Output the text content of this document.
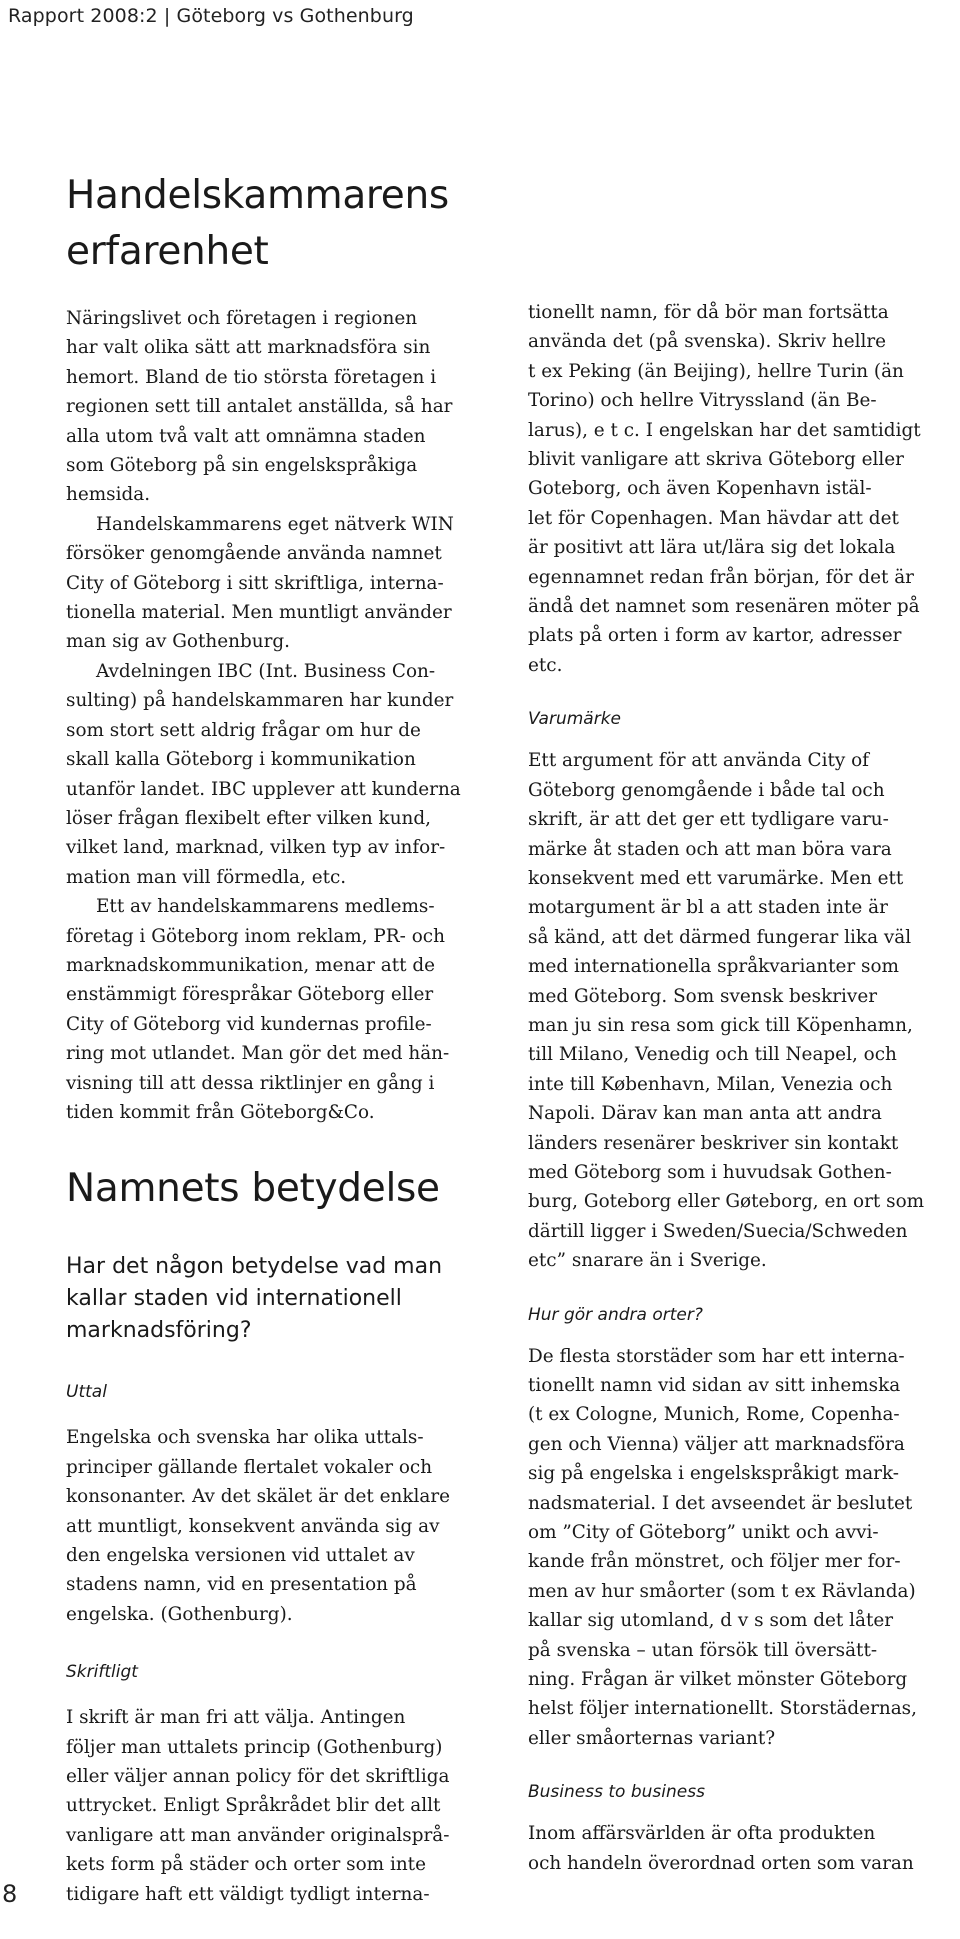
Rapport 2008:2 | Göteborg vs Gothenburg
Handelskammarens erfarenhet

Näringslivet och företagen i regionen
har valt olika sätt att marknadsföra sin
hemort. Bland de tio största företagen i
regionen sett till antalet anställda, så har
alla utom två valt att omnämna staden
som Göteborg på sin engelskspråkiga
hemsida.

Handelskammarens eget nätverk WIN
försöker genomgående använda namnet
City of Göteborg i sitt skriftliga, interna-
tionella material. Men muntligt använder
man sig av Gothenburg.

Avdelningen IBC (Int. Business Con-
sulting) på handelskammaren har kunder
som stort sett aldrig frågar om hur de
skall kalla Göteborg i kommunikation
utanför landet. IBC upplever att kunderna
löser frågan flexibelt efter vilken kund,
vilket land, marknad, vilken typ av infor-
mation man vill förmedla, etc.

Ett av handelskammarens medlems-
företag i Göteborg inom reklam, PR- och
marknadskommunikation, menar att de
enstämmigt förespråkar Göteborg eller
City of Göteborg vid kundernas profile-
ring mot utlandet. Man gör det med hän-
visning till att dessa riktlinjer en gång i
tiden kommit från Göteborg&Co.

Namnets betydelse
Har det någon betydelse vad man kallar staden vid internationell marknadsföring?
Uttal

Engelska och svenska har olika uttals-
principer gällande flertalet vokaler och
konsonanter. Av det skälet är det enklare
att muntligt, konsekvent använda sig av
den engelska versionen vid uttalet av
stadens namn, vid en presentation på
engelska. (Gothenburg).

Skriftligt

I skrift är man fri att välja. Antingen
följer man uttalets princip (Gothenburg)
eller väljer annan policy för det skriftliga
uttrycket. Enligt Språkrådet blir det allt
vanligare att man använder originalsprå-
kets form på städer och orter som inte
tidigare haft ett väldigt tydligt interna-

tionellt namn, för då bör man fortsätta
använda det (på svenska). Skriv hellre
t ex Peking (än Beijing), hellre Turin (än
Torino) och hellre Vitryssland (än Be-
larus), e t c. I engelskan har det samtidigt
blivit vanligare att skriva Göteborg eller
Goteborg, och även Kopenhavn istäl-
let för Copenhagen. Man hävdar att det
är positivt att lära ut/lära sig det lokala
egennamnet redan från början, för det är
ändå det namnet som resenären möter på
plats på orten i form av kartor, adresser
etc.

Varumärke

Ett argument för att använda City of
Göteborg genomgående i både tal och
skrift, är att det ger ett tydligare varu-
märke åt staden och att man böra vara
konsekvent med ett varumärke. Men ett
motargument är bl a att staden inte är
så känd, att det därmed fungerar lika väl
med internationella språkvarianter som
med Göteborg. Som svensk beskriver
man ju sin resa som gick till Köpenhamn,
till Milano, Venedig och till Neapel, och
inte till København, Milan, Venezia och
Napoli. Därav kan man anta att andra
länders resenärer beskriver sin kontakt
med Göteborg som i huvudsak Gothen-
burg, Goteborg eller Gøteborg, en ort som
därtill ligger i Sweden/Suecia/Schweden
etc” snarare än i Sverige.

Hur gör andra orter?

De flesta storstäder som har ett interna-
tionellt namn vid sidan av sitt inhemska
(t ex Cologne, Munich, Rome, Copenha-
gen och Vienna) väljer att marknadsföra
sig på engelska i engelskspråkigt mark-
nadsmaterial. I det avseendet är beslutet
om ”City of Göteborg” unikt och avvi-
kande från mönstret, och följer mer for-
men av hur småorter (som t ex Rävlanda)
kallar sig utomland, d v s som det låter
på svenska – utan försök till översätt-
ning. Frågan är vilket mönster Göteborg
helst följer internationellt. Storstädernas,
eller småorternas variant?

Business to business

Inom affärsvärlden är ofta produkten
och handeln överordnad orten som varan

8
